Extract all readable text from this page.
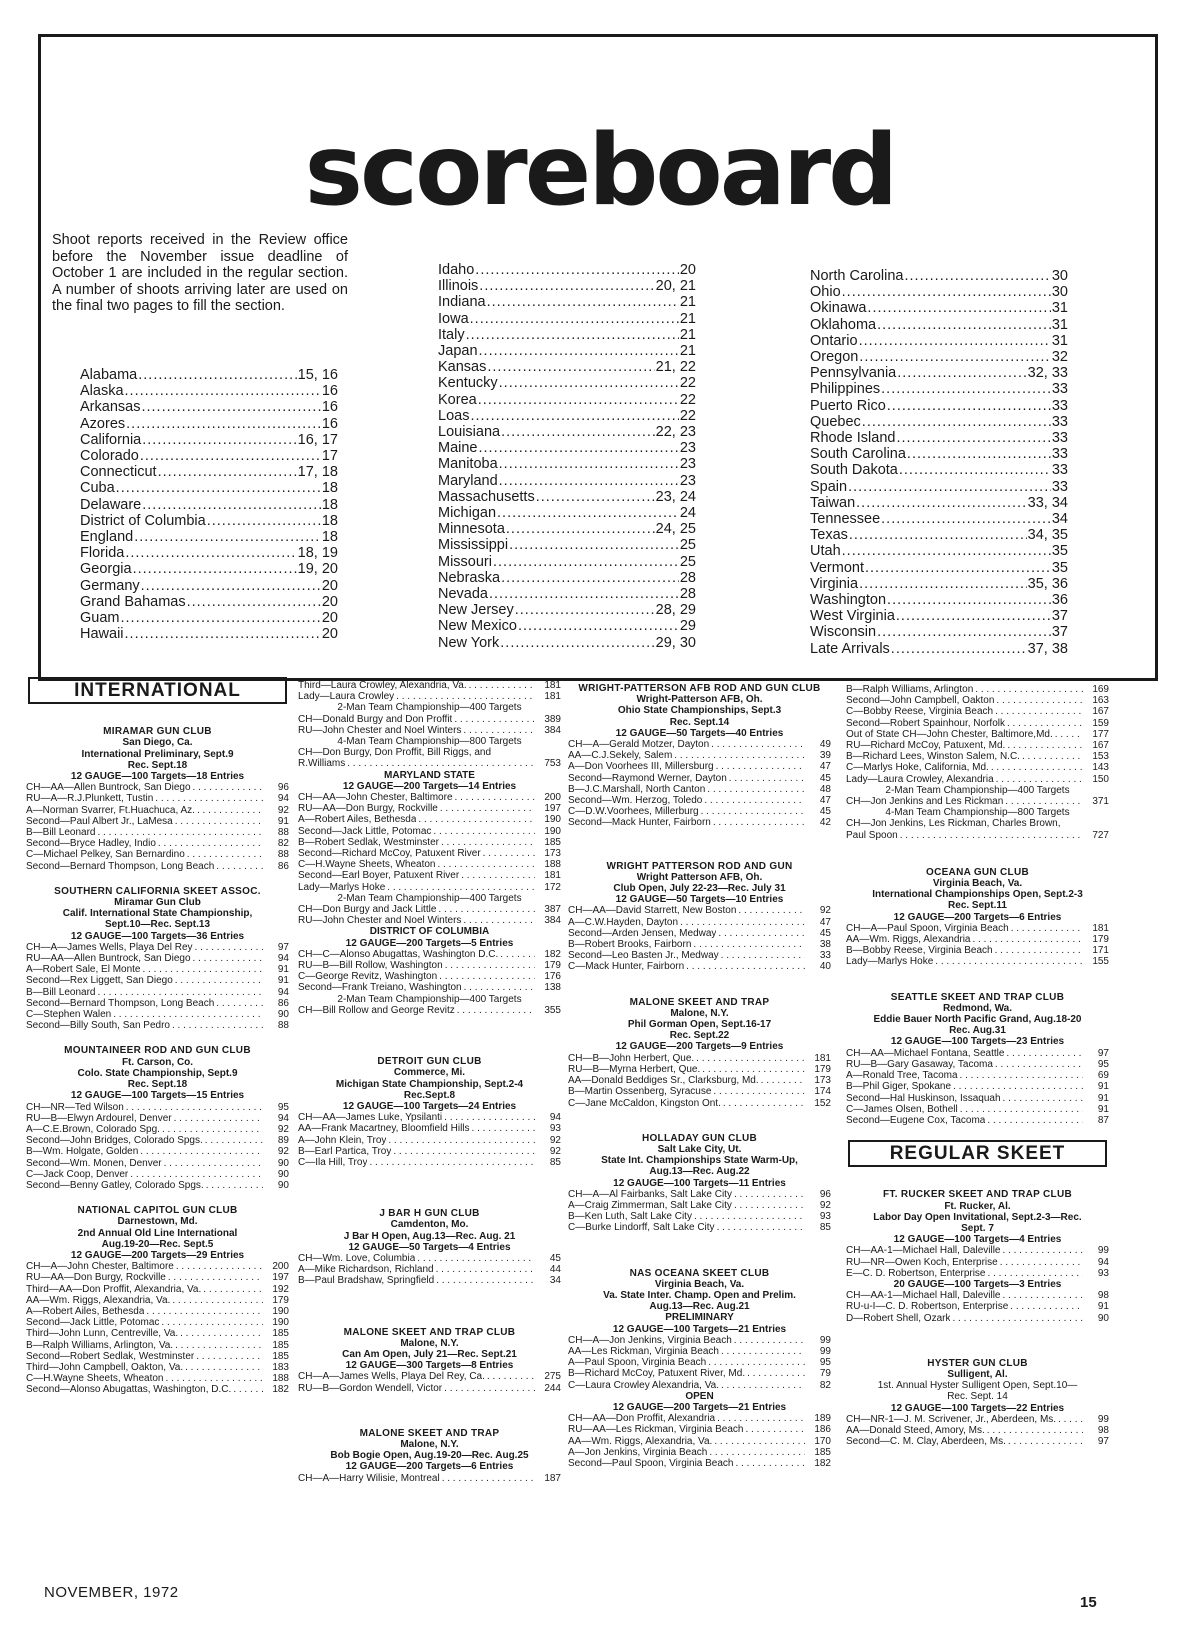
scoreboard
Shoot reports received in the Review office before the November issue deadline of October 1 are included in the regular section. A number of shoots arriving later are used on the final two pages to fill the section.
Alabama .....	15, 16
Alaska .....	16
Arkansas .....	16
Azores .....	16
California .....	16, 17
Colorado .....	17
Connecticut .....	17, 18
Cuba .....	18
Delaware .....	18
District of Columbia .....	18
England .....	18
Florida .....	18, 19
Georgia .....	19, 20
Germany .....	20
Grand Bahamas .....	20
Guam .....	20
Hawaii .....	20
Idaho .....	20
Illinois .....	20, 21
Indiana .....	21
Iowa .....	21
Italy .....	21
Japan .....	21
Kansas .....	21, 22
Kentucky .....	22
Korea .....	22
Loas .....	22
Louisiana .....	22, 23
Maine .....	23
Manitoba .....	23
Maryland .....	23
Massachusetts .....	23, 24
Michigan .....	24
Minnesota .....	24, 25
Mississippi .....	25
Missouri .....	25
Nebraska .....	28
Nevada .....	28
New Jersey .....	28, 29
New Mexico .....	29
New York .....	29, 30
North Carolina .....	30
Ohio .....	30
Okinawa .....	31
Oklahoma .....	31
Ontario .....	31
Oregon .....	32
Pennsylvania .....	32, 33
Philippines .....	33
Puerto Rico .....	33
Quebec .....	33
Rhode Island .....	33
South Carolina .....	33
South Dakota .....	33
Spain .....	33
Taiwan .....	33, 34
Tennessee .....	34
Texas .....	34, 35
Utah .....	35
Vermont .....	35
Virginia .....	35, 36
Washington .....	36
West Virginia .....	37
Wisconsin .....	37
Late Arrivals .....	37, 38
INTERNATIONAL
MIRAMAR GUN CLUB
San Diego, Ca.
International Preliminary, Sept.9
Rec. Sept.18
12 GAUGE—100 Targets—18 Entries
CH—AA—Allen Buntrock, San Diego . . .	96
RU—A—R.J.Plunkett, Tustin . . .	94
A—Norman Svarrer, Ft.Huachuca, Az. . . .	92
Second—Paul Albert Jr., LaMesa . . .	91
B—Bill Leonard . . .	88
Second—Bryce Hadley, Indio . . .	82
C—Michael Pelkey, San Bernardino . . .	88
Second—Bernard Thompson, Long Beach . . .	86
SOUTHERN CALIFORNIA SKEET ASSOC.
Miramar Gun Club
Calif. International State Championship,
Sept.10—Rec. Sept.13
12 GAUGE—100 Targets—36 Entries
CH—A—James Wells, Playa Del Rey . . .	97
RU—AA—Allen Buntrock, San Diego . . .	94
A—Robert Sale, El Monte . . .	91
Second—Rex Liggett, San Diego . . .	91
B—Bill Leonard . . .	94
Second—Bernard Thompson, Long Beach . . .	86
C—Stephen Walen . . .	90
Second—Billy South, San Pedro . . .	88
MOUNTAINEER ROD AND GUN CLUB
Ft. Carson, Co.
Colo. State Championship, Sept.9
Rec. Sept.18
12 GAUGE—100 Targets—15 Entries
CH—NR—Ted Wilson . . .	95
RU—B—Elwyn Ardourel, Denver . . .	94
A—C.E.Brown, Colorado Spg. . . .	92
Second—John Bridges, Colorado Spgs. . . .	89
B—Wm. Holgate, Golden . . .	92
Second—Wm. Monen, Denver . . .	90
C—Jack Coop, Denver . . .	90
Second—Benny Gatley, Colorado Spgs. . . .	90
NATIONAL CAPITOL GUN CLUB
Darnestown, Md.
2nd Annual Old Line International
Aug.19-20—Rec. Sept.5
12 GAUGE—200 Targets—29 Entries
CH—A—John Chester, Baltimore . . .	200
RU—AA—Don Burgy, Rockville . . .	197
Third—AA—Don Proffit, Alexandria, Va. . . .	192
AA—Wm. Riggs, Alexandria, Va. . . .	179
A—Robert Ailes, Bethesda . . .	190
Second—Jack Little, Potomac . . .	190
Third—John Lunn, Centreville, Va. . . .	185
B—Ralph Williams, Arlington, Va. . . .	185
Second—Robert Sedlak, Westminster . . .	185
Third—John Campbell, Oakton, Va. . . .	183
C—H.Wayne Sheets, Wheaton . . .	188
Second—Alonso Abugattas, Washington, D.C. . . .	182
Third—Laura Crowley, Alexandria, Va. . . .	181
Lady—Laura Crowley . . .	181
2-Man Team Championship—400 Targets
CH—Donald Burgy and Don Proffit . . .	389
RU—John Chester and Noel Winters . . .	384
4-Man Team Championship—800 Targets
CH—Don Burgy, Don Proffit, Bill Riggs, and
R.Williams . . .	753
MARYLAND STATE
12 GAUGE—200 Targets—14 Entries
CH—AA—John Chester, Baltimore . . .	200
RU—AA—Don Burgy, Rockville . . .	197
A—Robert Ailes, Bethesda . . .	190
Second—Jack Little, Potomac . . .	190
B—Robert Sedlak, Westminster . . .	185
Second—Richard McCoy, Patuxent River . . .	173
C—H.Wayne Sheets, Wheaton . . .	188
Second—Earl Boyer, Patuxent River . . .	181
Lady—Marlys Hoke . . .	172
2-Man Team Championship—400 Targets
CH—Don Burgy and Jack Little . . .	387
RU—John Chester and Noel Winters . . .	384
DISTRICT OF COLUMBIA
12 GAUGE—200 Targets—5 Entries
CH—C—Alonso Abugattas, Washington D.C. . . .	182
RU—B—Bill Rollow, Washington . . .	179
C—George Revitz, Washington . . .	176
Second—Frank Treiano, Washington . . .	138
2-Man Team Championship—400 Targets
CH—Bill Rollow and George Revitz . . .	355
DETROIT GUN CLUB
Commerce, Mi.
Michigan State Championship, Sept.2-4
Rec.Sept.8
12 GAUGE—100 Targets—24 Entries
CH—AA—James Luke, Ypsilanti . . .	94
AA—Frank Macartney, Bloomfield Hills . . .	93
A—John Klein, Troy . . .	92
B—Earl Partica, Troy . . .	92
C—Ila Hill, Troy . . .	85
J BAR H GUN CLUB
Camdenton, Mo.
J Bar H Open, Aug.13—Rec. Aug. 21
12 GAUGE—50 Targets—4 Entries
CH—Wm. Love, Columbia . . .	45
A—Mike Richardson, Richland . . .	44
B—Paul Bradshaw, Springfield . . .	34
MALONE SKEET AND TRAP CLUB
Malone, N.Y.
Can Am Open, July 21—Rec. Sept.21
12 GAUGE—300 Targets—8 Entries
CH—A—James Wells, Playa Del Rey, Ca. . . .	275
RU—B—Gordon Wendell, Victor . . .	244
MALONE SKEET AND TRAP
Malone, N.Y.
Bob Bogie Open, Aug.19-20—Rec. Aug.25
12 GAUGE—200 Targets—6 Entries
CH—A—Harry Wilisie, Montreal . . .	187
WRIGHT-PATTERSON AFB ROD AND GUN CLUB
Wright-Patterson AFB, Oh.
Ohio State Championships, Sept.3
Rec. Sept.14
12 GAUGE—50 Targets—40 Entries
CH—A—Gerald Motzer, Dayton . . .	49
AA—C.J.Sekely, Salem . . .	39
A—Don Voorhees III, Millersburg . . .	47
Second—Raymond Werner, Dayton . . .	45
B—J.C.Marshall, North Canton . . .	48
Second—Wm. Herzog, Toledo . . .	47
C—D.W.Voorhees, Millerburg . . .	45
Second—Mack Hunter, Fairborn . . .	42
WRIGHT PATTERSON ROD AND GUN
Wright Patterson AFB, Oh.
Club Open, July 22-23—Rec. July 31
12 GAUGE—50 Targets—10 Entries
CH—AA—David Starrett, New Boston . . .	92
A—C.W.Hayden, Dayton . . .	47
Second—Arden Jensen, Medway . . .	45
B—Robert Brooks, Fairborn . . .	38
Second—Leo Basten Jr., Medway . . .	33
C—Mack Hunter, Fairborn . . .	40
MALONE SKEET AND TRAP
Malone, N.Y.
Phil Gorman Open, Sept.16-17
Rec. Sept.22
12 GAUGE—200 Targets—9 Entries
CH—B—John Herbert, Que. . . .	181
RU—B—Myrna Herbert, Que. . . .	179
AA—Donald Beddiges Sr., Clarksburg, Md. . . .	173
B—Martin Ossenberg, Syracuse . . .	174
C—Jane McCaldon, Kingston Ont. . . .	152
HOLLADAY GUN CLUB
Salt Lake City, Ut.
State Int. Championships State Warm-Up,
Aug.13—Rec. Aug.22
12 GAUGE—100 Targets—11 Entries
CH—A—Al Fairbanks, Salt Lake City . . .	96
A—Craig Zimmerman, Salt Lake City . . .	92
B—Ken Luth, Salt Lake City . . .	93
C—Burke Lindorff, Salt Lake City . . .	85
NAS OCEANA SKEET CLUB
Virginia Beach, Va.
Va. State Inter. Champ. Open and Prelim.
Aug.13—Rec. Aug.21
PRELIMINARY
12 GAUGE—100 Targets—21 Entries
CH—A—Jon Jenkins, Virginia Beach . . .	99
AA—Les Rickman, Virginia Beach . . .	99
A—Paul Spoon, Virginia Beach . . .	95
B—Richard McCoy, Patuxent River, Md. . . .	79
C—Laura Crowley Alexandria, Va. . . .	82
OPEN
12 GAUGE—200 Targets—21 Entries
CH—AA—Don Proffit, Alexandria . . .	189
RU—AA—Les Rickman, Virginia Beach . . .	186
AA—Wm. Riggs, Alexandria, Va. . . .	170
A—Jon Jenkins, Virginia Beach . . .	185
Second—Paul Spoon, Virginia Beach . . .	182
B—Ralph Williams, Arlington . . .	169
Second—John Campbell, Oakton . . .	163
C—Bobby Reese, Virginia Beach . . .	167
Second—Robert Spainhour, Norfolk . . .	159
Out of State CH—John Chester, Baltimore,Md. . . .	177
RU—Richard McCoy, Patuxent, Md. . . .	167
B—Richard Lees, Winston Salem, N.C. . . .	153
C—Marlys Hoke, California, Md. . . .	143
Lady—Laura Crowley, Alexandria . . .	150
2-Man Team Championship—400 Targets
CH—Jon Jenkins and Les Rickman . . .	371
4-Man Team Championship—800 Targets
CH—Jon Jenkins, Les Rickman, Charles Brown,
Paul Spoon . . .	727
OCEANA GUN CLUB
Virginia Beach, Va.
International Championships Open, Sept.2-3
Rec. Sept.11
12 GAUGE—200 Targets—6 Entries
CH—A—Paul Spoon, Virginia Beach . . .	181
AA—Wm. Riggs, Alexandria . . .	179
B—Bobby Reese, Virginia Beach . . .	171
Lady—Marlys Hoke . . .	155
SEATTLE SKEET AND TRAP CLUB
Redmond, Wa.
Eddie Bauer North Pacific Grand, Aug.18-20
Rec. Aug.31
12 GAUGE—100 Targets—23 Entries
CH—AA—Michael Fontana, Seattle . . .	97
RU—B—Gary Gasaway, Tacoma . . .	95
A—Ronald Tree, Tacoma . . .	69
B—Phil Giger, Spokane . . .	91
Second—Hal Huskinson, Issaquah . . .	91
C—James Olsen, Bothell . . .	91
Second—Eugene Cox, Tacoma . . .	87
REGULAR SKEET
FT. RUCKER SKEET AND TRAP CLUB
Ft. Rucker, Al.
Labor Day Open Invitational, Sept.2-3—Rec.
Sept. 7
12 GAUGE—100 Targets—4 Entries
CH—AA-1—Michael Hall, Daleville . . .	99
RU—NR—Owen Koch, Enterprise . . .	94
E—C. D. Robertson, Enterprise . . .	93
20 GAUGE—100 Targets—3 Entries
CH—AA-1—Michael Hall, Daleville . . .	98
RU-u-I—C. D. Robertson, Enterprise . . .	91
D—Robert Shell, Ozark . . .	90
HYSTER GUN CLUB
Sulligent, Al.
1st. Annual Hyster Sulligent Open, Sept.10—
Rec. Sept. 14
12 GAUGE—100 Targets—22 Entries
CH—NR-1—J. M. Scrivener, Jr., Aberdeen, Ms. . . .	99
AA—Donald Steed, Amory, Ms. . . .	98
Second—C. M. Clay, Aberdeen, Ms. . . .	97
NOVEMBER, 1972
15
